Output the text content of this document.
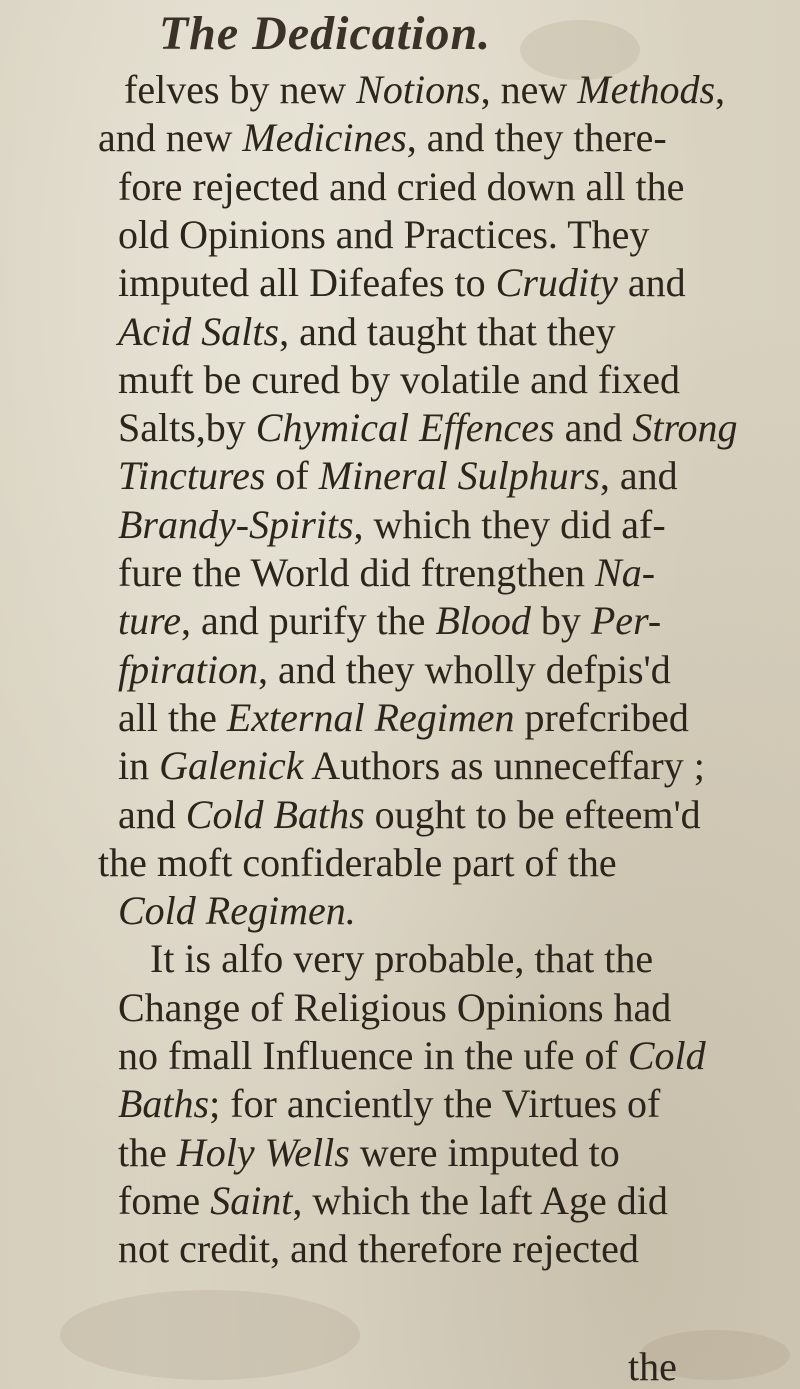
The Dedication.
felves by new Notions, new Methods,
and new Medicines, and they there-
fore rejected and cried down all the
old Opinions and Practices. They
imputed all Difeafes to Crudity and
Acid Salts, and taught that they
muft be cured by volatile and fixed
Salts,by Chymical Effences and Strong
Tinctures of Mineral Sulphurs, and
Brandy-Spirits, which they did af-
fure the World did ftrengthen Na-
ture, and purify the Blood by Per-
fpiration, and they wholly defpis'd
all the External Regimen prefcribed
in Galenick Authors as unneceffary ;
and Cold Baths ought to be efteem'd
the moft confiderable part of the
Cold Regimen.
It is alfo very probable, that the
Change of Religious Opinions had
no fmall Influence in the ufe of Cold
Baths; for anciently the Virtues of
the Holy Wells were imputed to
fome Saint, which the laft Age did
not credit, and therefore rejected
the
